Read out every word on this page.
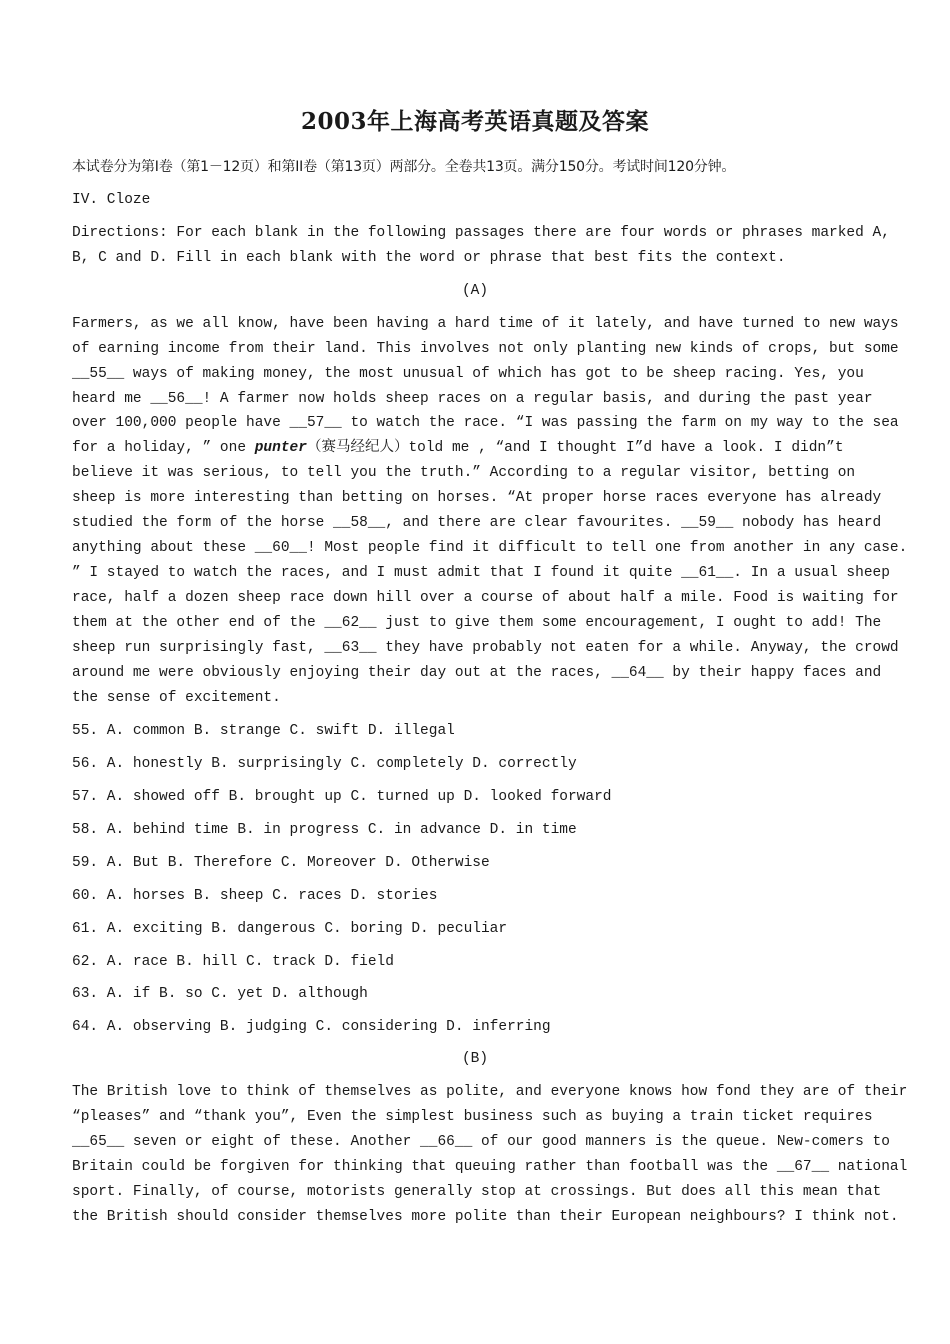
2003年上海高考英语真题及答案
本试卷分为第I卷（第1－12页）和第II卷（第13页）两部分。全卷共13页。满分150分。考试时间120分钟。
IV. Cloze
Directions: For each blank in the following passages there are four words or phrases marked A,
B, C and D. Fill in each blank with the word or phrase that best fits the context.
(A)
Farmers, as we all know, have been having a hard time of it lately, and have turned to new ways
of earning income from their land. This involves not only planting new kinds of crops, but some
__55__ ways of making money, the most unusual of which has got to be sheep racing. Yes, you
heard me __56__! A farmer now holds sheep races on a regular basis, and during the past year
over 100,000 people have __57__ to watch the race. “I was passing the farm on my way to the sea
for a holiday, ” one punter（赛马经纪人）told me , “and I thought I”d have a look. I didn”t
believe it was serious, to tell you the truth.” According to a regular visitor, betting on
sheep is more interesting than betting on horses. “At proper horse races everyone has already
studied the form of the horse __58__, and there are clear favourites. __59__ nobody has heard
anything about these __60__! Most people find it difficult to tell one from another in any case.
” I stayed to watch the races, and I must admit that I found it quite __61__. In a usual sheep
race, half a dozen sheep race down hill over a course of about half a mile. Food is waiting for
them at the other end of the __62__ just to give them some encouragement, I ought to add! The
sheep run surprisingly fast, __63__ they have probably not eaten for a while. Anyway, the crowd
around me were obviously enjoying their day out at the races, __64__ by their happy faces and
the sense of excitement.
55. A. common B. strange C. swift D. illegal
56. A. honestly B. surprisingly C. completely D. correctly
57. A. showed off B. brought up C. turned up D. looked forward
58. A. behind time B. in progress C. in advance D. in time
59. A. But B. Therefore C. Moreover D. Otherwise
60. A. horses B. sheep C. races D. stories
61. A. exciting B. dangerous C. boring D. peculiar
62. A. race B. hill C. track D. field
63. A. if B. so C. yet D. although
64. A. observing B. judging C. considering D. inferring
(B)
The British love to think of themselves as polite, and everyone knows how fond they are of their
“pleases” and “thank you”, Even the simplest business such as buying a train ticket requires
__65__ seven or eight of these. Another __66__ of our good manners is the queue. New-comers to
Britain could be forgiven for thinking that queuing rather than football was the __67__ national
sport. Finally, of course, motorists generally stop at crossings. But does all this mean that
the British should consider themselves more polite than their European neighbours? I think not.
